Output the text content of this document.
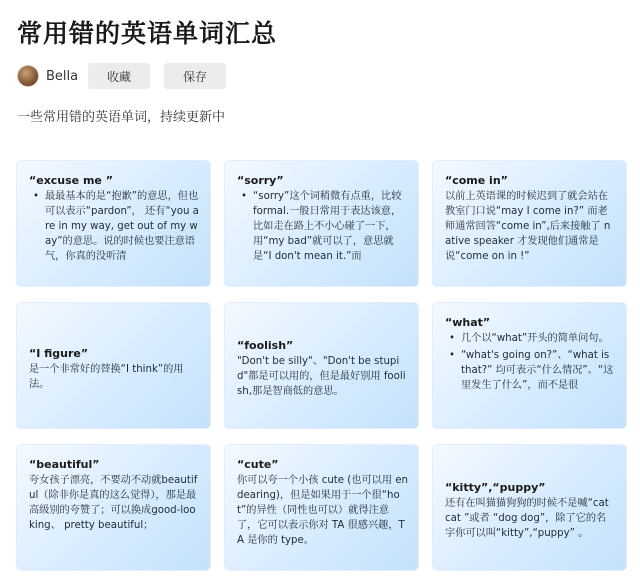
常用错的英语单词汇总
Bella	收藏	保存
一些常用错的英语单词，持续更新中
“excuse me ”
• 最最基本的是“抱歉”的意思，但也可以表示“pardon”， 还有“you are in my way, get out of my way”的意思。说的时候也要注意语气，你真的没听清
“sorry”
• “sorry”这个词稍微有点重，比较 formal.一般日常用于表达该意，比如走在路上不小心碰了一下，用“my bad”就可以了，意思就是“I don't mean it.”而
“come in”
以前上英语课的时候迟到了就会站在教室门口说“may I come in?” 而老师通常回答“come in”,后来接触了 native speaker 才发现他们通常是说“come on in !”
“I figure”
是一个非常好的替换“I think”的用法。
“foolish”
"Don't be silly"、"Don't be stupid"都是可以用的，但是最好别用 foolish,那是智商低的意思。
“what”
• 几个以“what”开头的简单问句。
• “what's going on?”、“what is that?” 均可表示“什么情况”、“这里发生了什么”，而不是很
“beautiful”
夸女孩子漂亮，不要动不动就beautiful（除非你是真的这么觉得），那是最高级别的夸赞了；可以换成good-looking、 pretty beautiful；
“cute”
你可以夸一个小孩 cute (也可以用 endearing)，但是如果用于一个很“hot”的异性（同性也可以）就得注意了，它可以表示你对 TA 很感兴趣，TA 是你的 type。
“kitty”,“puppy”
还有在叫猫猫狗狗的时候不是喊“cat cat ”或者 “dog dog”，除了它的名字你可以叫“kitty”,“puppy” 。
